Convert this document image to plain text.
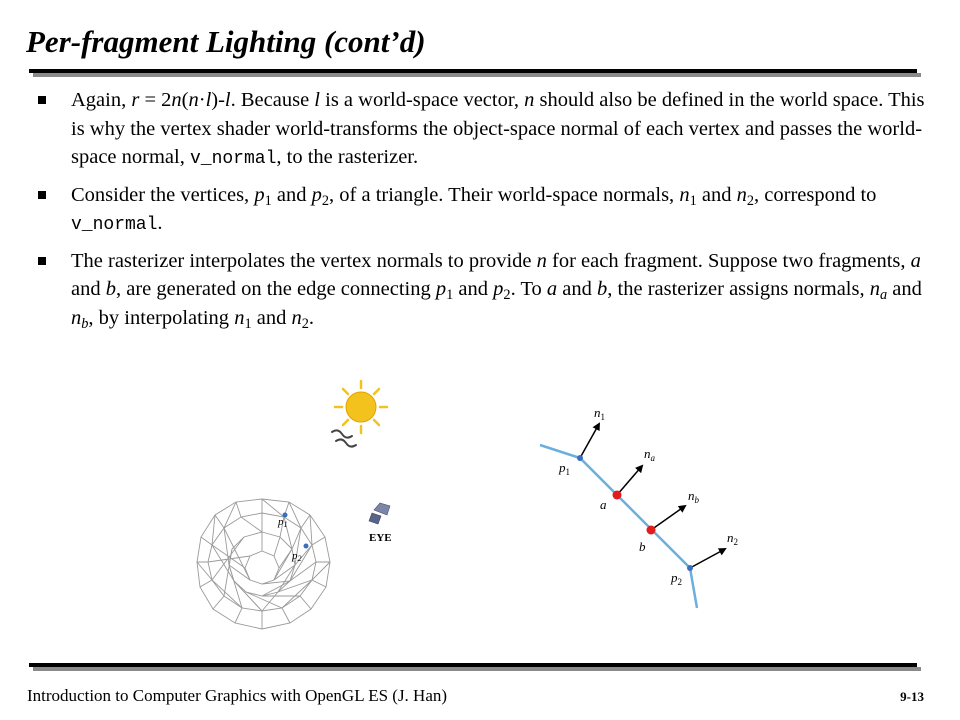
Per-fragment Lighting (cont’d)
Again, r = 2n(n·l)-l. Because l is a world-space vector, n should also be defined in the world space. This is why the vertex shader world-transforms the object-space normal of each vertex and passes the world-space normal, v_normal, to the rasterizer.
Consider the vertices, $p_1$ and $p_2$, of a triangle. Their world-space normals, $n_1$ and $n_2$, correspond to v_normal.
The rasterizer interpolates the vertex normals to provide n for each fragment. Suppose two fragments, a and b, are generated on the edge connecting $p_1$ and $p_2$. To a and b, the rasterizer assigns normals, $n_a$ and $n_b$, by interpolating $n_1$ and $n_2$.
p1
p2
EYE
$n_1$
$n_a$
$n_b$
$n_2$
$p_1$
$p_2$
a
b
Introduction to Computer Graphics with OpenGL ES (J. Han)	9-13
